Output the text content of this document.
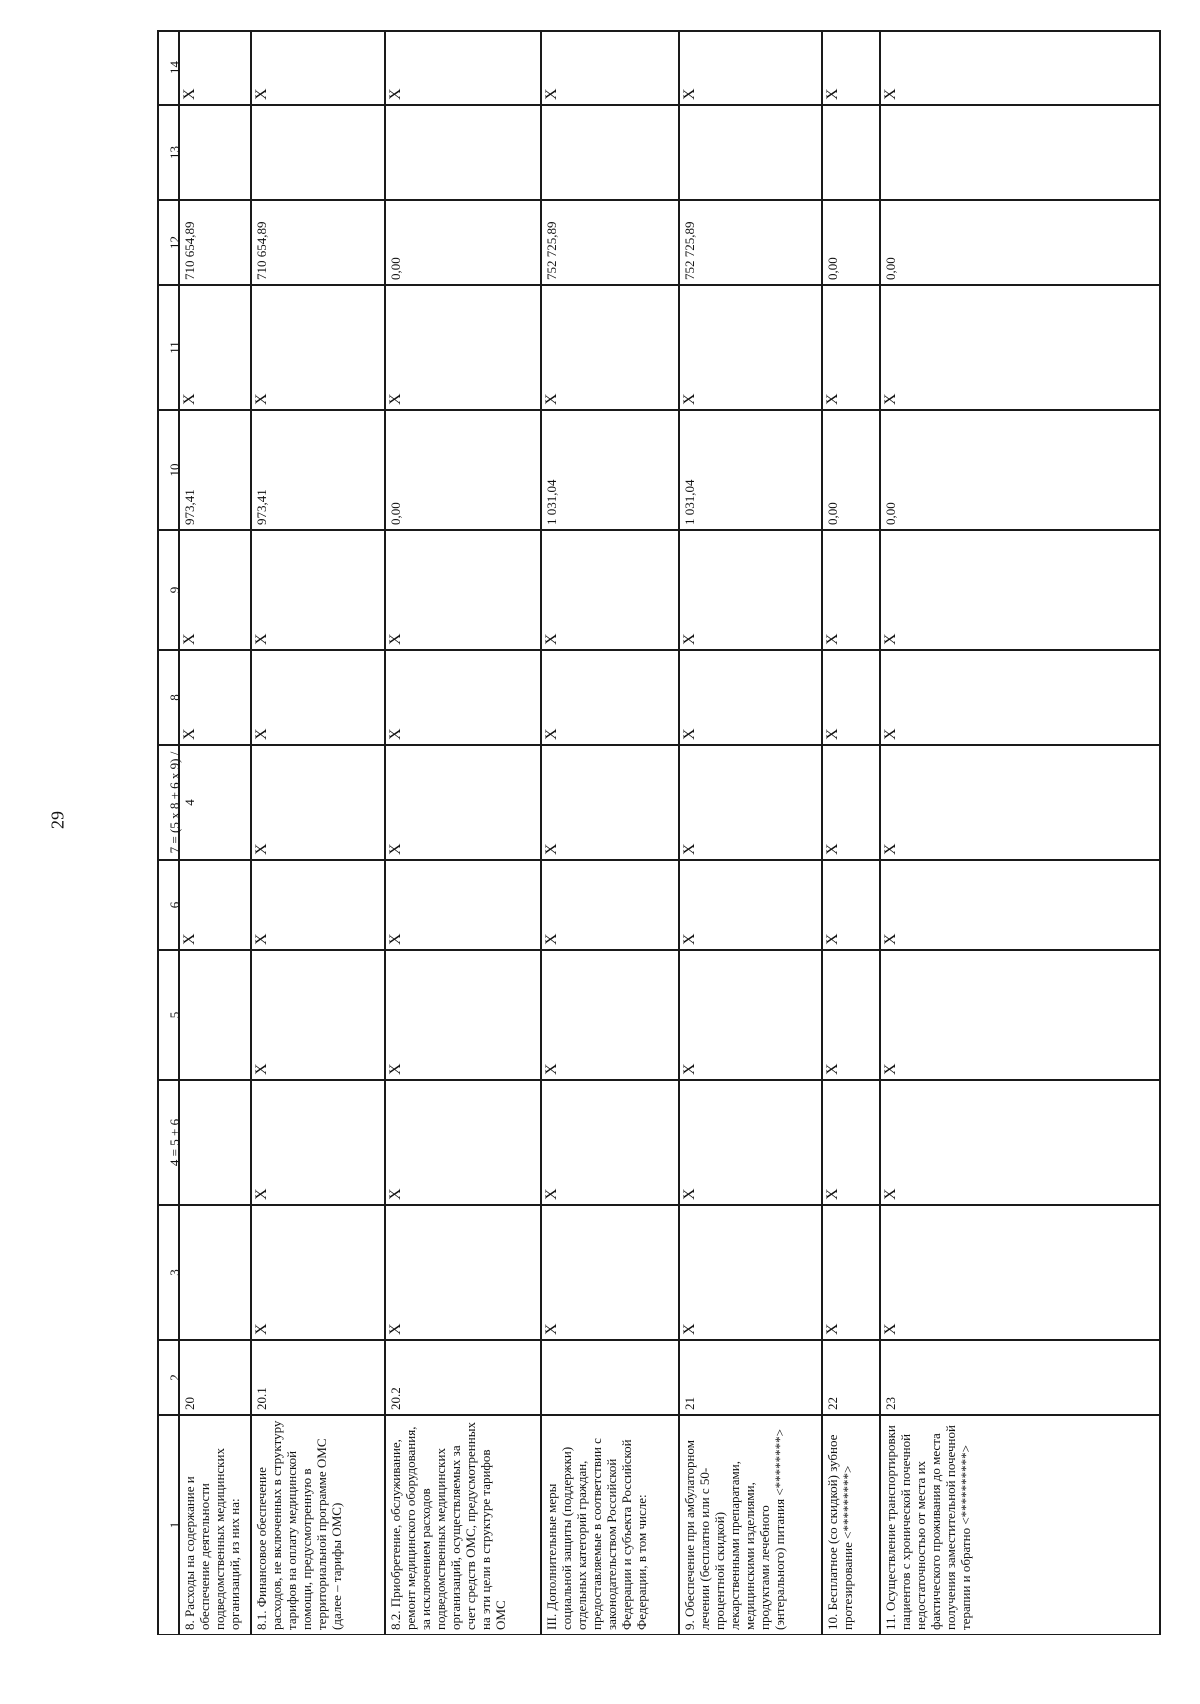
29
1
2
3
4 = 5 + 6
5
6
7 = (5 x 8 + 6 x 9) / 4
8
9
10
11
12
13
14
8. Расходы на содержание и обеспечение деятельности подведомственных медицинских организаций, из них на:
20
X
X
X
973,41
X
710 654,89
X
8.1. Финансовое обеспечение расходов, не включенных в структуру тарифов на оплату медицинской помощи, предусмотренную в территориальной программе ОМС (далее – тарифы ОМС)
20.1
X
X
X
X
X
X
X
973,41
X
710 654,89
X
8.2. Приобретение, обслуживание, ремонт медицинского оборудования, за исключением расходов подведомственных медицинских организаций, осуществляемых за счет средств ОМС, предусмотренных на эти цели в структуре тарифов ОМС
20.2
X
X
X
X
X
X
X
0,00
X
0,00
X
III. Дополнительные меры социальной защиты (поддержки) отдельных категорий граждан, предоставляемые в соответствии с законодательством Российской Федерации и субъекта Российской Федерации, в том числе:
X
X
X
X
X
X
X
1 031,04
X
752 725,89
X
9. Обеспечение при амбулаторном лечении (бесплатно или с 50-процентной скидкой) лекарственными препаратами, медицинскими изделиями, продуктами лечебного (энтерального) питания <********>
21
X
X
X
X
X
X
X
1 031,04
X
752 725,89
X
10. Бесплатное (со скидкой) зубное протезирование <*********>
22
X
X
X
X
X
X
X
0,00
X
0,00
X
11. Осуществление транспортировки пациентов с хронической почечной недостаточностью от места их фактического проживания до места получения заместительной почечной терапии и обратно <**********>
23
X
X
X
X
X
X
X
0,00
X
0,00
X
